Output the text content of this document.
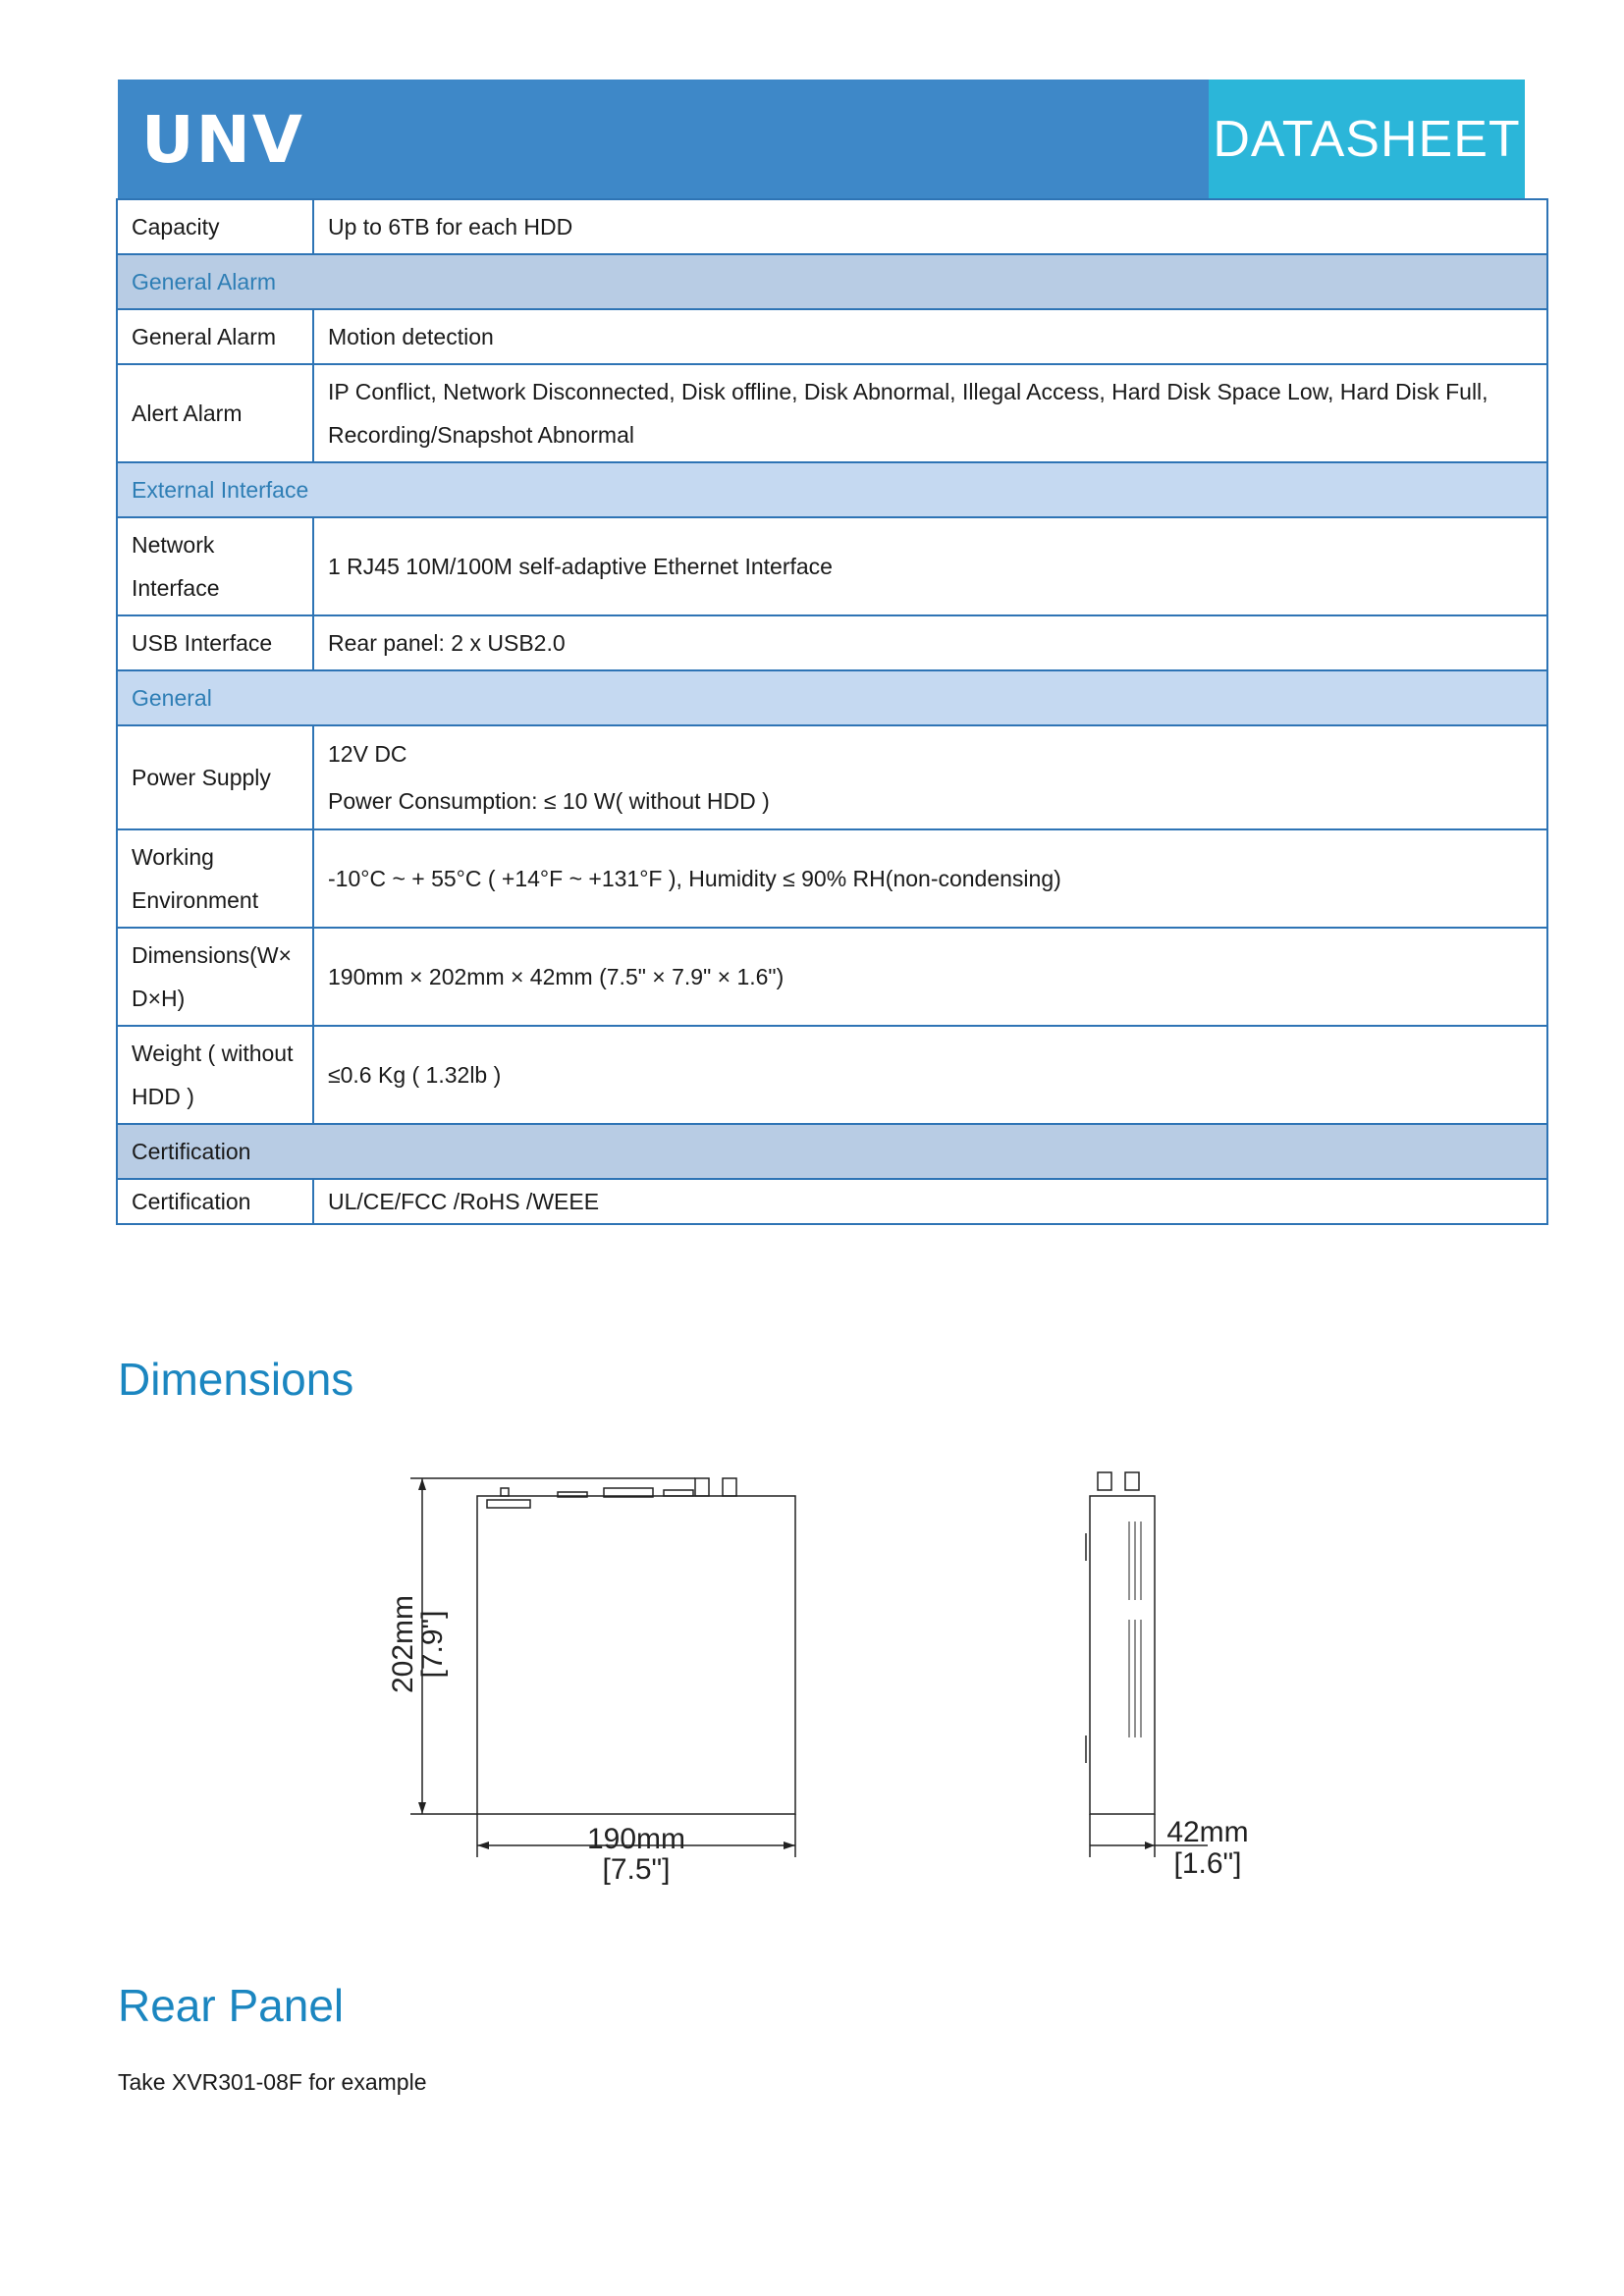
UNV	DATASHEET
Capacity	Up to 6TB for each HDD
General Alarm	
General Alarm	Motion detection
Alert Alarm	IP Conflict, Network Disconnected, Disk offline, Disk Abnormal, Illegal Access, Hard Disk Space Low, Hard Disk Full,
Recording/Snapshot Abnormal

External Interface	
Network Interface	1 RJ45 10M/100M self-adaptive Ethernet Interface
USB Interface	Rear panel: 2 x USB2.0
General	
Power Supply	12V DC
Power Consumption: ≤ 10 W( without HDD )

Working Environment	-10°C ~ + 55°C ( +14°F ~ +131°F ), Humidity ≤ 90% RH(non-condensing)
Dimensions(W×D×H)	190mm × 202mm × 42mm (7.5" × 7.9" × 1.6")
Weight ( without HDD )	≤0.6 Kg ( 1.32lb )
Certification	
Certification	UL/CE/FCC /RoHS /WEEE
Dimensions
202mm
[7.9"]
190mm
[7.5"]
42mm
[1.6"]
Rear Panel
Take XVR301-08F for example
